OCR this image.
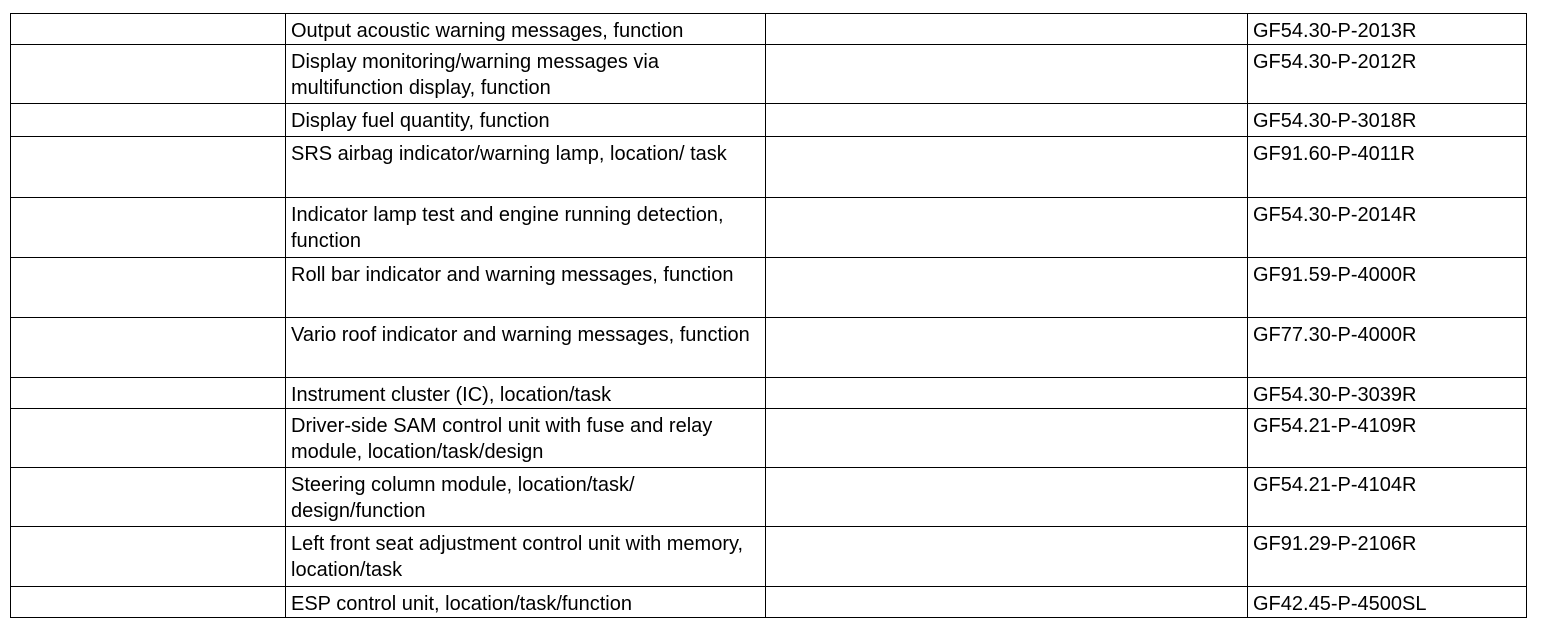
	Output acoustic warning messages, function		GF54.30-P-2013R
	Display monitoring/warning messages via multifunction display, function		GF54.30-P-2012R
	Display fuel quantity, function		GF54.30-P-3018R
	SRS airbag indicator/warning lamp, location/ task		GF91.60-P-4011R
	Indicator lamp test and engine running detection, function		GF54.30-P-2014R
	Roll bar indicator and warning messages, function		GF91.59-P-4000R
	Vario roof indicator and warning messages, function		GF77.30-P-4000R
	Instrument cluster (IC), location/task		GF54.30-P-3039R
	Driver-side SAM control unit with fuse and relay module, location/task/design		GF54.21-P-4109R
	Steering column module, location/task/ design/function		GF54.21-P-4104R
	Left front seat adjustment control unit with memory, location/task		GF91.29-P-2106R
	ESP control unit, location/task/function		GF42.45-P-4500SL
